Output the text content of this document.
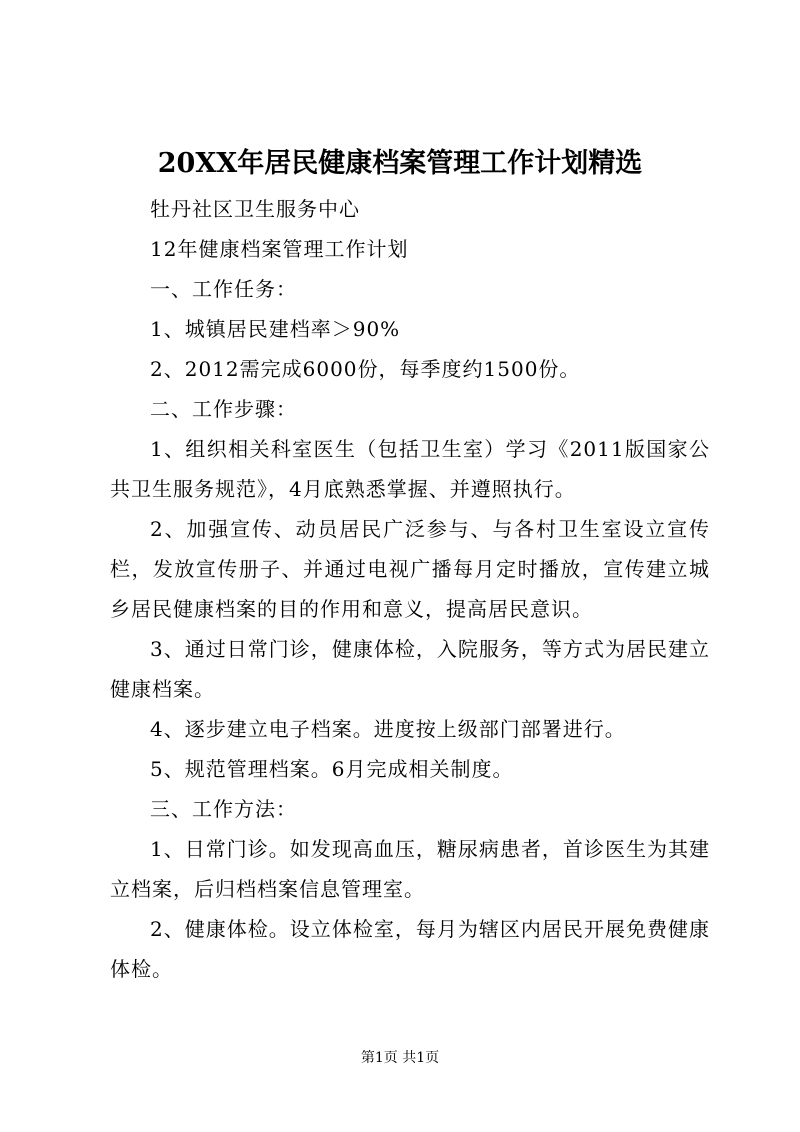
20XX年居民健康档案管理工作计划精选

牡丹社区卫生服务中心

12年健康档案管理工作计划

一、工作任务：

1、城镇居民建档率＞90%

2、2012需完成6000份，每季度约1500份。

二、工作步骤：

1、组织相关科室医生（包括卫生室）学习《2011版国家公共卫生服务规范》，4月底熟悉掌握、并遵照执行。

2、加强宣传、动员居民广泛参与、与各村卫生室设立宣传栏，发放宣传册子、并通过电视广播每月定时播放，宣传建立城乡居民健康档案的目的作用和意义，提高居民意识。

3、通过日常门诊，健康体检，入院服务，等方式为居民建立健康档案。

4、逐步建立电子档案。进度按上级部门部署进行。

5、规范管理档案。6月完成相关制度。

三、工作方法：

1、日常门诊。如发现高血压，糖尿病患者，首诊医生为其建立档案，后归档档案信息管理室。

2、健康体检。设立体检室，每月为辖区内居民开展免费健康体检。

第1页 共1页
